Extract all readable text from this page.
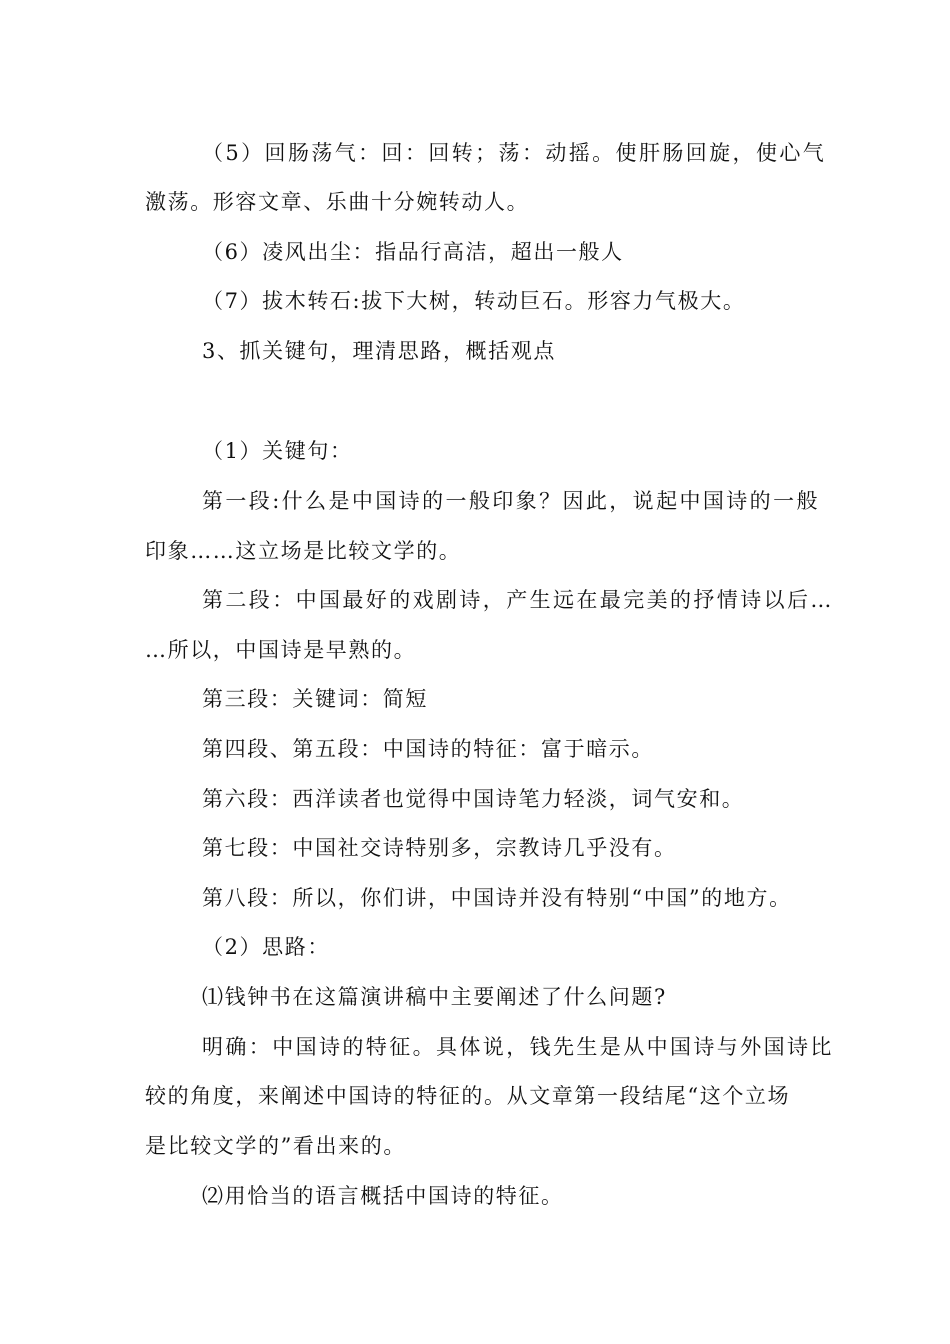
（5）回肠荡气：回：回转；荡：动摇。使肝肠回旋，使心气
激荡。形容文章、乐曲十分婉转动人。
（6）凌风出尘：指品行高洁，超出一般人
（7）拔木转石:拔下大树，转动巨石。形容力气极大。
3、抓关键句，理清思路，概括观点
（1）关键句：
第一段:什么是中国诗的一般印象？因此，说起中国诗的一般
印象……这立场是比较文学的。
第二段：中国最好的戏剧诗，产生远在最完美的抒情诗以后…
…所以，中国诗是早熟的。
第三段：关键词：简短
第四段、第五段：中国诗的特征：富于暗示。
第六段：西洋读者也觉得中国诗笔力轻淡，词气安和。
第七段：中国社交诗特别多，宗教诗几乎没有。
第八段：所以，你们讲，中国诗并没有特别“中国”的地方。
（2）思路：
⑴钱钟书在这篇演讲稿中主要阐述了什么问题?
明确：中国诗的特征。具体说，钱先生是从中国诗与外国诗比
较的角度，来阐述中国诗的特征的。从文章第一段结尾“这个立场
是比较文学的”看出来的。
⑵用恰当的语言概括中国诗的特征。
